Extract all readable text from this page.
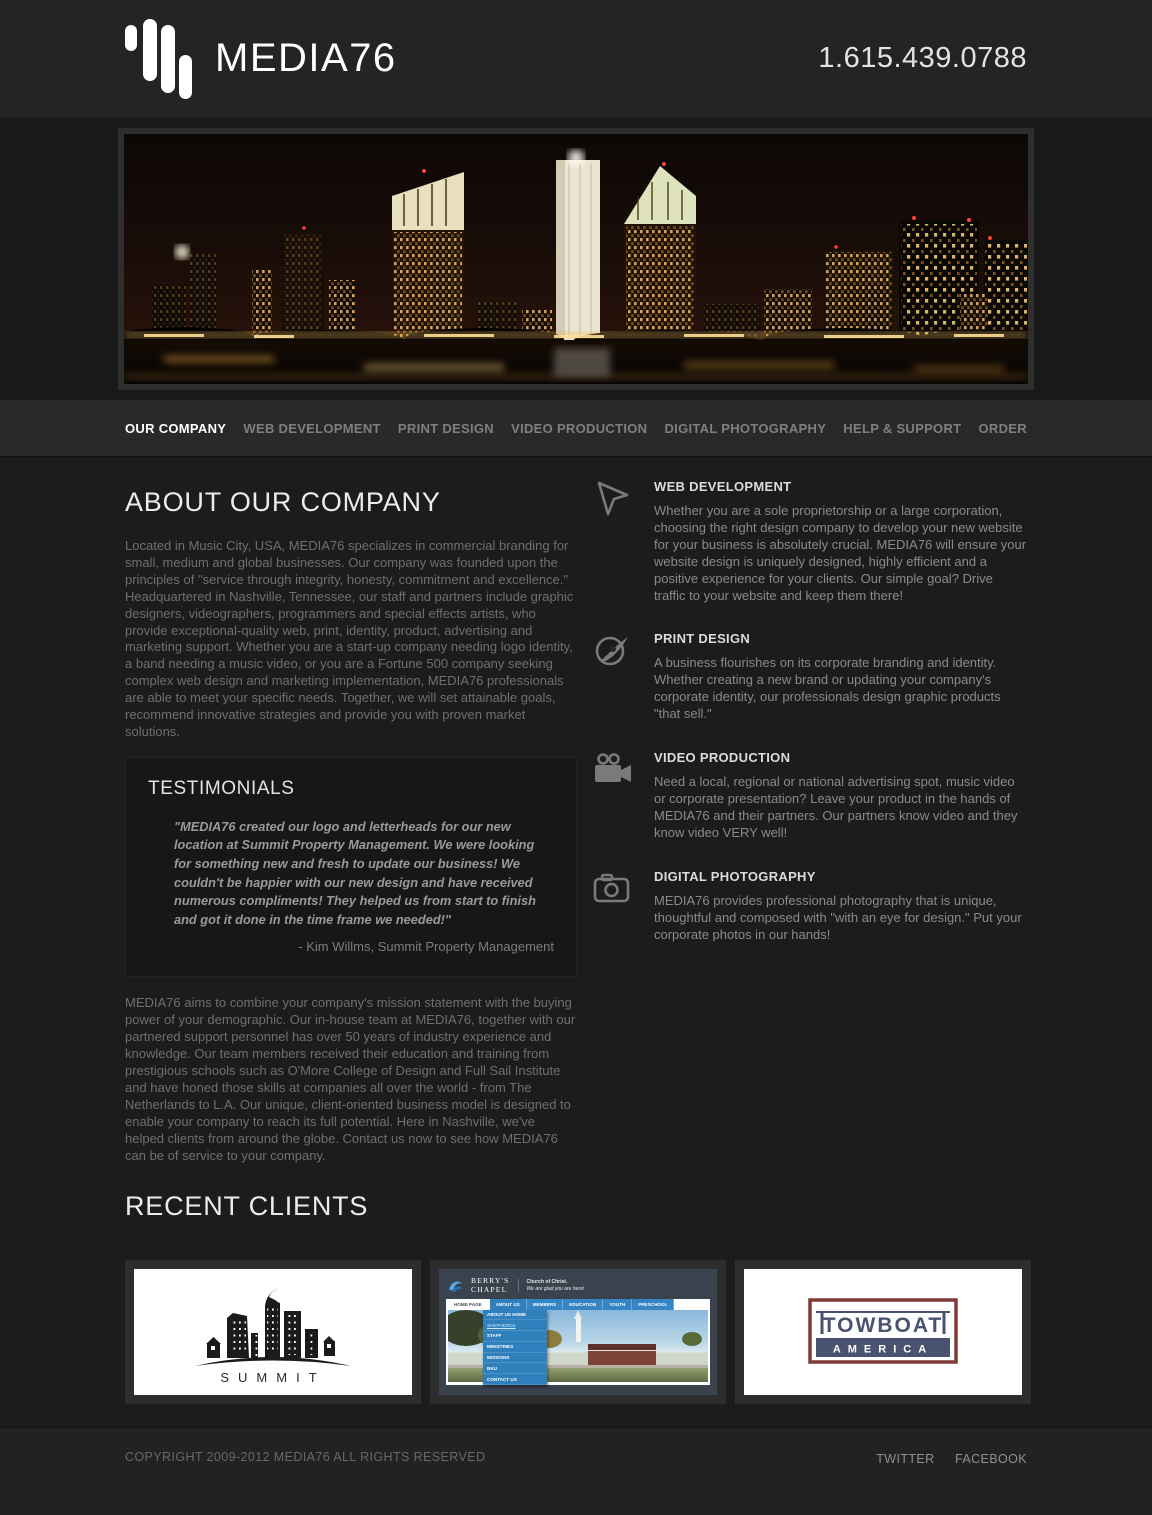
MEDIA76	1.615.439.0788
OUR COMPANY WEB DEVELOPMENT PRINT DESIGN VIDEO PRODUCTION DIGITAL PHOTOGRAPHY HELP & SUPPORT ORDER
ABOUT OUR COMPANY

Located in Music City, USA, MEDIA76 specializes in commercial branding for small, medium and global businesses. Our company was founded upon the principles of "service through integrity, honesty, commitment and excellence." Headquartered in Nashville, Tennessee, our staff and partners include graphic designers, videographers, programmers and special effects artists, who provide exceptional-quality web, print, identity, product, advertising and marketing support. Whether you are a start-up company needing logo identity, a band needing a music video, or you are a Fortune 500 company seeking complex web design and marketing implementation, MEDIA76 professionals are able to meet your specific needs. Together, we will set attainable goals, recommend innovative strategies and provide you with proven market solutions.

TESTIMONIALS
"MEDIA76 created our logo and letterheads for our new location at Summit Property Management. We were looking for something new and fresh to update our business! We couldn't be happier with our new design and have received numerous compliments! They helped us from start to finish and got it done in the time frame we needed!"
- Kim Willms, Summit Property Management

MEDIA76 aims to combine your company's mission statement with the buying power of your demographic. Our in-house team at MEDIA76, together with our partnered support personnel has over 50 years of industry experience and knowledge. Our team members received their education and training from prestigious schools such as O'More College of Design and Full Sail Institute and have honed those skills at companies all over the world - from The Netherlands to L.A. Our unique, client-oriented business model is designed to enable your company to reach its full potential. Here in Nashville, we've helped clients from around the globe. Contact us now to see how MEDIA76 can be of service to your company.

RECENT CLIENTS
WEB DEVELOPMENT

Whether you are a sole proprietorship or a large corporation, choosing the right design company to develop your new website for your business is absolutely crucial. MEDIA76 will ensure your website design is uniquely designed, highly efficient and a positive experience for your clients. Our simple goal? Drive traffic to your website and keep them there!

PRINT DESIGN

A business flourishes on its corporate branding and identity. Whether creating a new brand or updating your company's corporate identity, our professionals design graphic products "that sell."

VIDEO PRODUCTION

Need a local, regional or national advertising spot, music video or corporate presentation? Leave your product in the hands of MEDIA76 and their partners. Our partners know video and they know video VERY well!

DIGITAL PHOTOGRAPHY

MEDIA76 provides professional photography that is unique, thoughtful and composed with "with an eye for design." Put your corporate photos in our hands!

SUMMIT
BERRY'S
CHAPEL
Church of Christ.
We are glad you are here!
HOME PAGE	ABOUT US	MEMBERS	EDUCATION	YOUTH	PRESCHOOL
ABOUT US HOME
SHEPHERDS
STAFF
MINISTRIES
MISSIONS
BKU
CONTACT US
TOWBOAT
AMERICA
COPYRIGHT 2009-2012 MEDIA76 ALL RIGHTS RESERVED	TWITTER FACEBOOK
